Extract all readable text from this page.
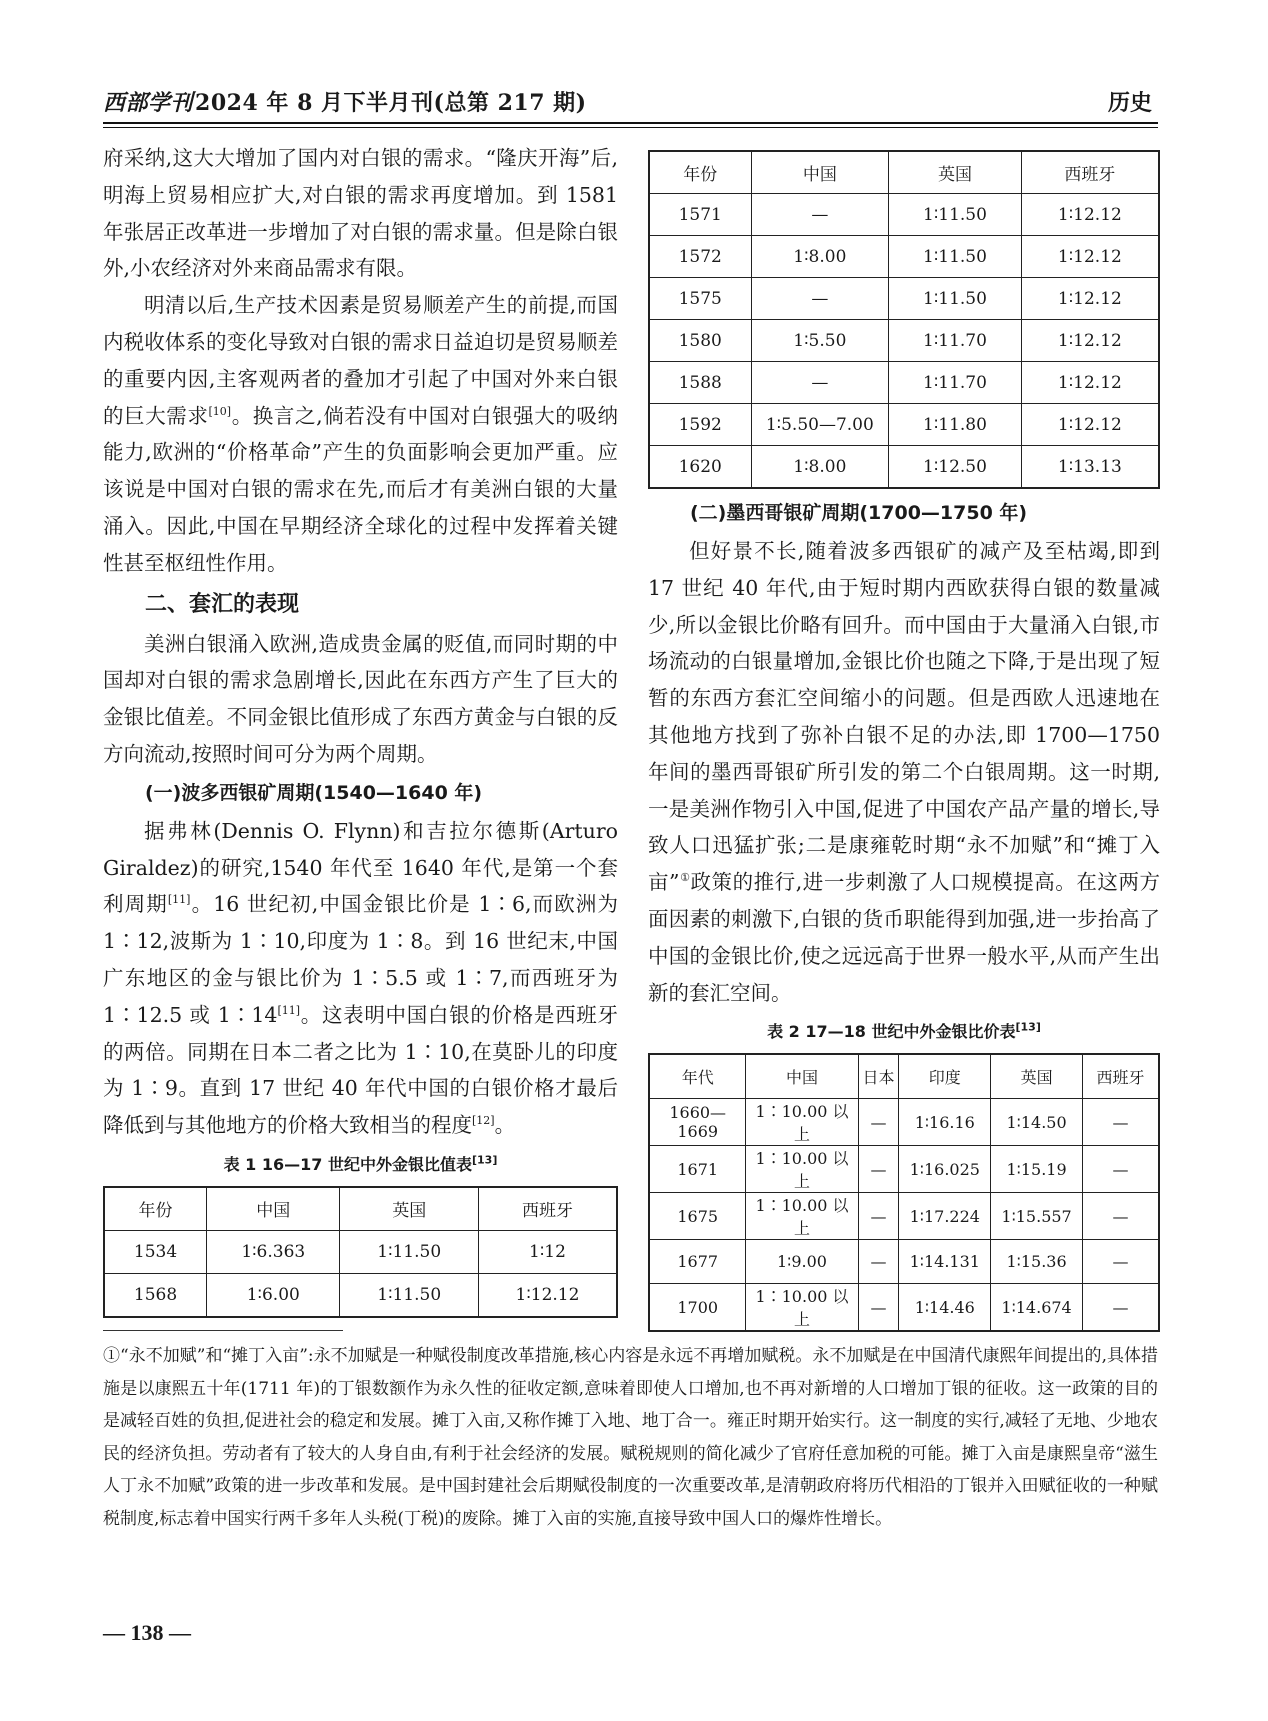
西部学刊2024 年 8 月下半月刊(总第 217 期)	历史

府采纳,这大大增加了国内对白银的需求。“隆庆开海”后,明海上贸易相应扩大,对白银的需求再度增加。到 1581 年张居正改革进一步增加了对白银的需求量。但是除白银外,小农经济对外来商品需求有限。

明清以后,生产技术因素是贸易顺差产生的前提,而国内税收体系的变化导致对白银的需求日益迫切是贸易顺差的重要内因,主客观两者的叠加才引起了中国对外来白银的巨大需求[10]。换言之,倘若没有中国对白银强大的吸纳能力,欧洲的“价格革命”产生的负面影响会更加严重。应该说是中国对白银的需求在先,而后才有美洲白银的大量涌入。因此,中国在早期经济全球化的过程中发挥着关键性甚至枢纽性作用。

二、套汇的表现

美洲白银涌入欧洲,造成贵金属的贬值,而同时期的中国却对白银的需求急剧增长,因此在东西方产生了巨大的金银比值差。不同金银比值形成了东西方黄金与白银的反方向流动,按照时间可分为两个周期。

(一)波多西银矿周期(1540—1640 年)

据弗林(Dennis O. Flynn)和吉拉尔德斯(Arturo Giraldez)的研究,1540 年代至 1640 年代,是第一个套利周期[11]。16 世纪初,中国金银比价是 1∶6,而欧洲为 1∶12,波斯为 1∶10,印度为 1∶8。到 16 世纪末,中国广东地区的金与银比价为 1∶5.5 或 1∶7,而西班牙为 1∶12.5 或 1∶14[11]。这表明中国白银的价格是西班牙的两倍。同期在日本二者之比为 1∶10,在莫卧儿的印度为 1∶9。直到 17 世纪 40 年代中国的白银价格才最后降低到与其他地方的价格大致相当的程度[12]。

表 1 16—17 世纪中外金银比值表[13]
年份	中国	英国	西班牙
1534	1∶6.363	1∶11.50	1∶12
1568	1∶6.00	1∶11.50	1∶12.12
年份	中国	英国	西班牙
1571	—	1∶11.50	1∶12.12
1572	1∶8.00	1∶11.50	1∶12.12
1575	—	1∶11.50	1∶12.12
1580	1∶5.50	1∶11.70	1∶12.12
1588	—	1∶11.70	1∶12.12
1592	1∶5.50—7.00	1∶11.80	1∶12.12
1620	1∶8.00	1∶12.50	1∶13.13
(二)墨西哥银矿周期(1700—1750 年)

但好景不长,随着波多西银矿的减产及至枯竭,即到 17 世纪 40 年代,由于短时期内西欧获得白银的数量减少,所以金银比价略有回升。而中国由于大量涌入白银,市场流动的白银量增加,金银比价也随之下降,于是出现了短暂的东西方套汇空间缩小的问题。但是西欧人迅速地在其他地方找到了弥补白银不足的办法,即 1700—1750 年间的墨西哥银矿所引发的第二个白银周期。这一时期,一是美洲作物引入中国,促进了中国农产品产量的增长,导致人口迅猛扩张;二是康雍乾时期“永不加赋”和“摊丁入亩”①政策的推行,进一步刺激了人口规模提高。在这两方面因素的刺激下,白银的货币职能得到加强,进一步抬高了中国的金银比价,使之远远高于世界一般水平,从而产生出新的套汇空间。

表 2 17—18 世纪中外金银比价表[13]
年代	中国	日本	印度	英国	西班牙
1660—1669	1∶10.00 以上	—	1∶16.16	1∶14.50	—
1671	1∶10.00 以上	—	1∶16.025	1∶15.19	—
1675	1∶10.00 以上	—	1∶17.224	1∶15.557	—
1677	1∶9.00	—	1∶14.131	1∶15.36	—
1700	1∶10.00 以上	—	1∶14.46	1∶14.674	—
①“永不加赋”和“摊丁入亩”:永不加赋是一种赋役制度改革措施,核心内容是永远不再增加赋税。永不加赋是在中国清代康熙年间提出的,具体措施是以康熙五十年(1711 年)的丁银数额作为永久性的征收定额,意味着即使人口增加,也不再对新增的人口增加丁银的征收。这一政策的目的是减轻百姓的负担,促进社会的稳定和发展。摊丁入亩,又称作摊丁入地、地丁合一。雍正时期开始实行。这一制度的实行,减轻了无地、少地农民的经济负担。劳动者有了较大的人身自由,有利于社会经济的发展。赋税规则的简化减少了官府任意加税的可能。摊丁入亩是康熙皇帝“滋生人丁永不加赋”政策的进一步改革和发展。是中国封建社会后期赋役制度的一次重要改革,是清朝政府将历代相沿的丁银并入田赋征收的一种赋税制度,标志着中国实行两千多年人头税(丁税)的废除。摊丁入亩的实施,直接导致中国人口的爆炸性增长。
— 138 —
